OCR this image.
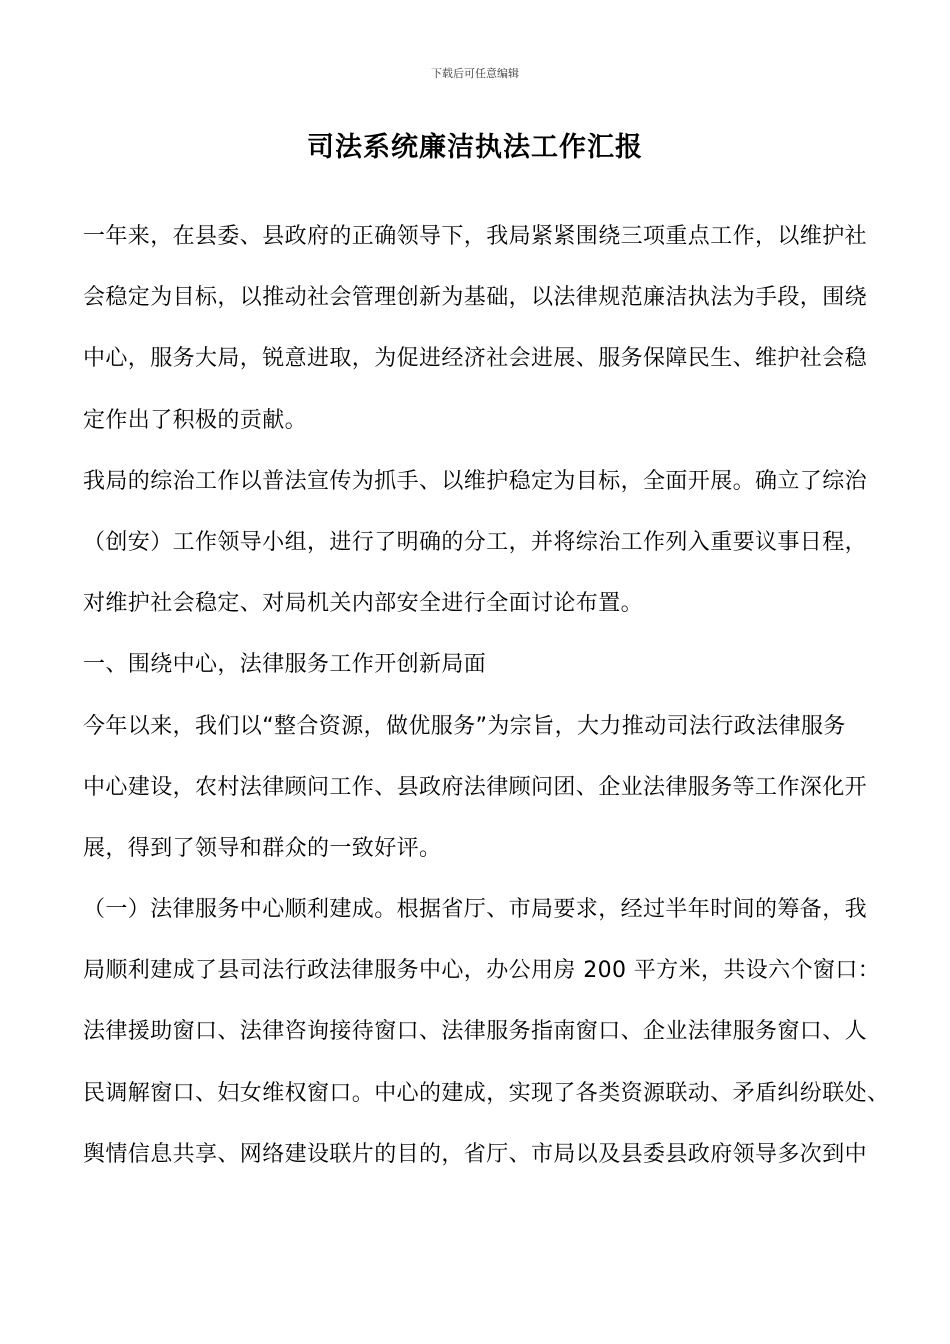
下载后可任意编辑
司法系统廉洁执法工作汇报
一年来，在县委、县政府的正确领导下，我局紧紧围绕三项重点工作，以维护社
会稳定为目标，以推动社会管理创新为基础，以法律规范廉洁执法为手段，围绕
中心，服务大局，锐意进取，为促进经济社会进展、服务保障民生、维护社会稳
定作出了积极的贡献。
我局的综治工作以普法宣传为抓手、以维护稳定为目标，全面开展。确立了综治
（创安）工作领导小组，进行了明确的分工，并将综治工作列入重要议事日程，
对维护社会稳定、对局机关内部安全进行全面讨论布置。
一、围绕中心，法律服务工作开创新局面
今年以来，我们以“整合资源，做优服务”为宗旨，大力推动司法行政法律服务
中心建设，农村法律顾问工作、县政府法律顾问团、企业法律服务等工作深化开
展，得到了领导和群众的一致好评。
（一）法律服务中心顺利建成。根据省厅、市局要求，经过半年时间的筹备，我
局顺利建成了县司法行政法律服务中心，办公用房 200 平方米，共设六个窗口：
法律援助窗口、法律咨询接待窗口、法律服务指南窗口、企业法律服务窗口、人
民调解窗口、妇女维权窗口。中心的建成，实现了各类资源联动、矛盾纠纷联处、
舆情信息共享、网络建设联片的目的，省厅、市局以及县委县政府领导多次到中
